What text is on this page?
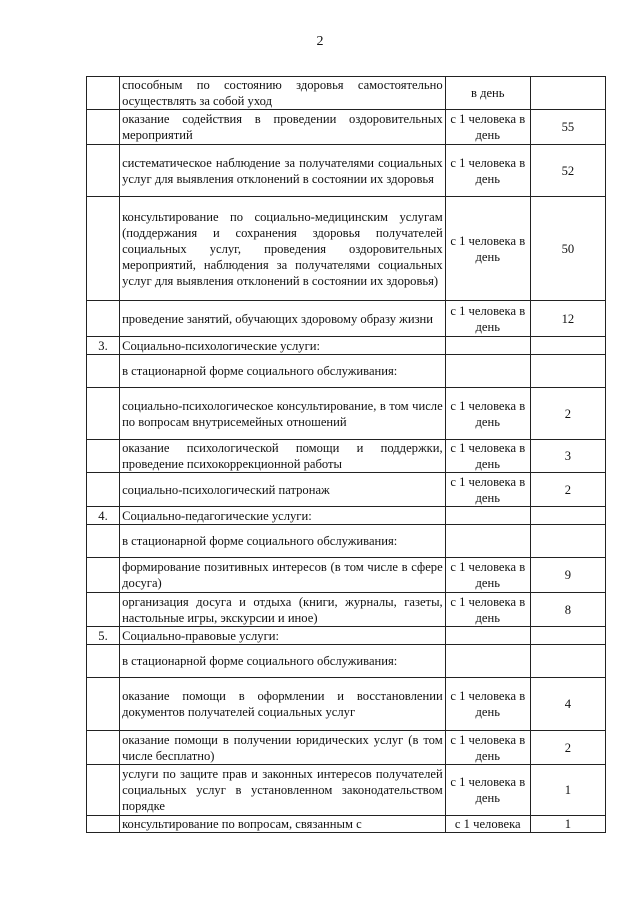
2
	способным по состоянию здоровья самостоятельно осуществлять за собой уход	в день	
	оказание содействия в проведении оздоровительных мероприятий	с 1 человека в день	55
	систематическое наблюдение за получателями социальных услуг для выявления отклонений в состоянии их здоровья	с 1 человека в день	52
	консультирование по социально-медицинским услугам (поддержания и сохранения здоровья получателей социальных услуг, проведения оздоровительных мероприятий, наблюдения за получателями социальных услуг для выявления отклонений в состоянии их здоровья)	с 1 человека в день	50
	проведение занятий, обучающих здоровому образу жизни	с 1 человека в день	12
3.	Социально-психологические услуги:		
	в стационарной форме социального обслуживания:		
	социально-психологическое консультирование, в том числе по вопросам внутрисемейных отношений	с 1 человека в день	2
	оказание психологической помощи и поддержки, проведение психокоррекционной работы	с 1 человека в день	3
	социально-психологический патронаж	с 1 человека в день	2
4.	Социально-педагогические услуги:		
	в стационарной форме социального обслуживания:		
	формирование позитивных интересов (в том числе в сфере досуга)	с 1 человека в день	9
	организация досуга и отдыха (книги, журналы, газеты, настольные игры, экскурсии и иное)	с 1 человека в день	8
5.	Социально-правовые услуги:		
	в стационарной форме социального обслуживания:		
	оказание помощи в оформлении и восстановлении документов получателей социальных услуг	с 1 человека в день	4
	оказание помощи в получении юридических услуг (в том числе бесплатно)	с 1 человека в день	2
	услуги по защите прав и законных интересов получателей социальных услуг в установленном законодательством порядке	с 1 человека в день	1
	консультирование по вопросам, связанным с	с 1 человека	1
